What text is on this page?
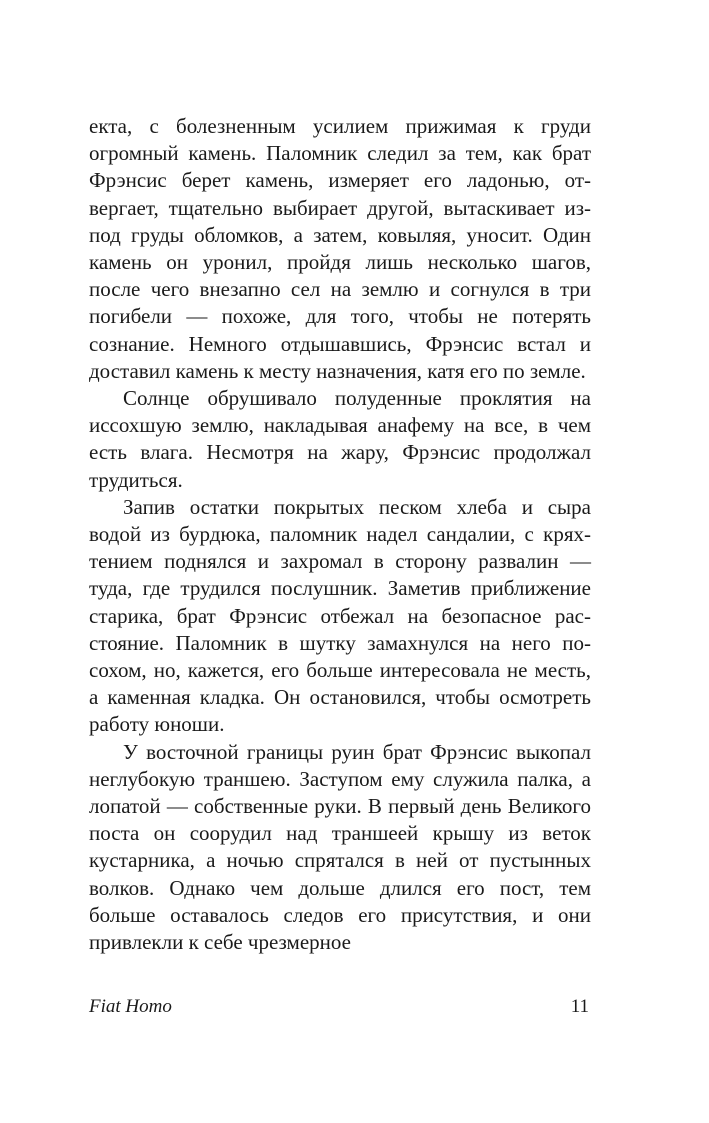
екта, с болезненным усилием прижимая к груди огромный камень. Паломник следил за тем, как брат Фрэнсис берет камень, измеряет его ладонью, отвергает, тщательно выбирает другой, вытаскивает из-под груды обломков, а затем, ковыляя, уносит. Один камень он уронил, пройдя лишь несколько шагов, после чего внезапно сел на землю и согнулся в три погибели — похоже, для того, чтобы не потерять сознание. Немного отдышавшись, Фрэнсис встал и доставил камень к месту назначения, катя его по земле.

Солнце обрушивало полуденные проклятия на иссохшую землю, накладывая анафему на все, в чем есть влага. Несмотря на жару, Фрэнсис продолжал трудиться.

Запив остатки покрытых песком хлеба и сыра водой из бурдюка, паломник надел сандалии, с кряхтением поднялся и захромал в сторону развалин — туда, где трудился послушник. Заметив приближение старика, брат Фрэнсис отбежал на безопасное расстояние. Паломник в шутку замахнулся на него посохом, но, кажется, его больше интересовала не месть, а каменная кладка. Он остановился, чтобы осмотреть работу юноши.

У восточной границы руин брат Фрэнсис выкопал неглубокую траншею. Заступом ему служила палка, а лопатой — собственные руки. В первый день Великого поста он соорудил над траншеей крышу из веток кустарника, а ночью спрятался в ней от пустынных волков. Однако чем дольше длился его пост, тем больше оставалось следов его присутствия, и они привлекли к себе чрезмерное

Fiat Homo	11
